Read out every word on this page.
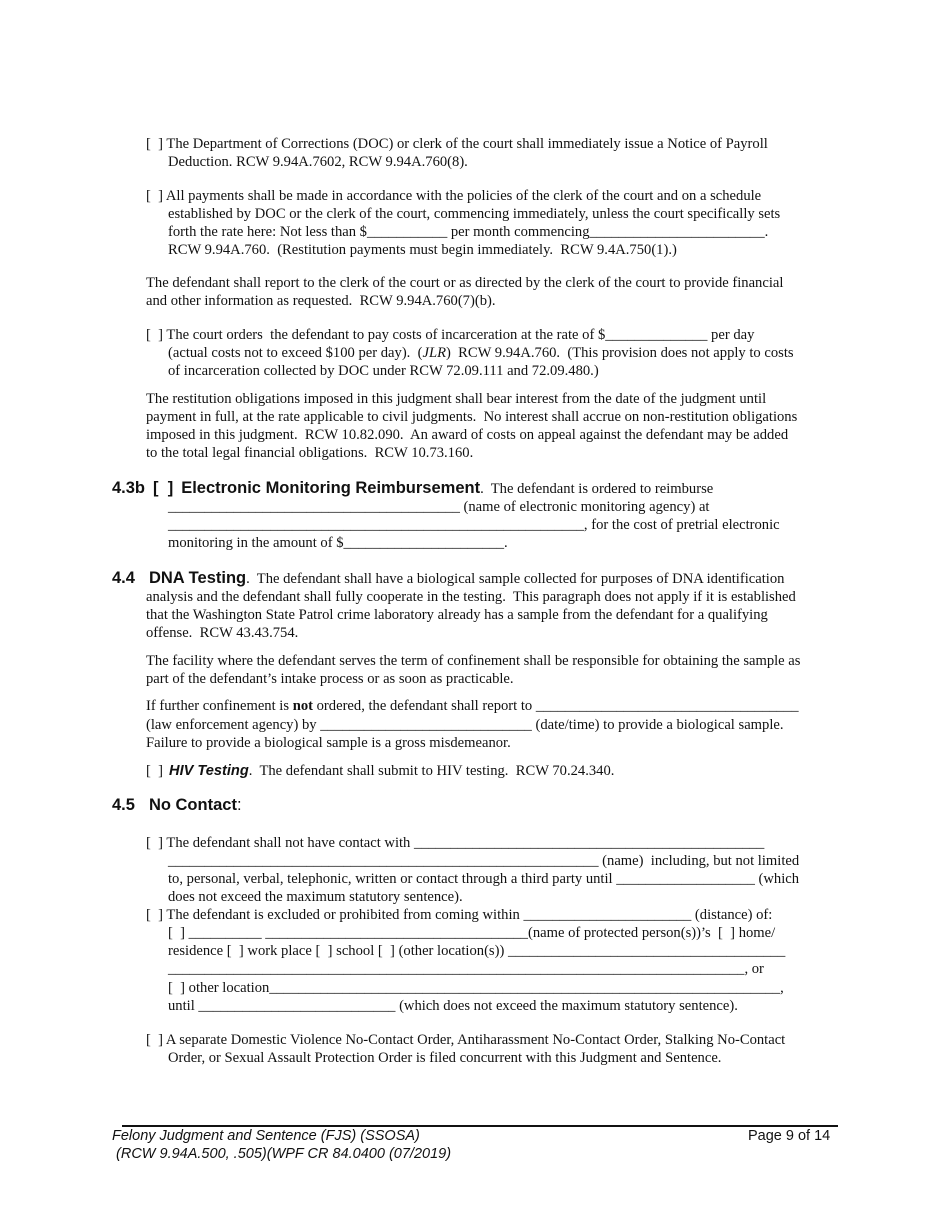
[  ] The Department of Corrections (DOC) or clerk of the court shall immediately issue a Notice of Payroll
Deduction. RCW 9.94A.7602, RCW 9.94A.760(8).
[  ] All payments shall be made in accordance with the policies of the clerk of the court and on a schedule
established by DOC or the clerk of the court, commencing immediately, unless the court specifically sets
forth the rate here: Not less than $___________ per month commencing________________________.
RCW 9.94A.760.  (Restitution payments must begin immediately.  RCW 9.4A.750(1).)
The defendant shall report to the clerk of the court or as directed by the clerk of the court to provide financial
and other information as requested.  RCW 9.94A.760(7)(b).
[  ] The court orders  the defendant to pay costs of incarceration at the rate of $______________ per day
(actual costs not to exceed $100 per day).  (JLR)  RCW 9.94A.760.  (This provision does not apply to costs
of incarceration collected by DOC under RCW 72.09.111 and 72.09.480.)
The restitution obligations imposed in this judgment shall bear interest from the date of the judgment until
payment in full, at the rate applicable to civil judgments.  No interest shall accrue on non-restitution obligations
imposed in this judgment.  RCW 10.82.090.  An award of costs on appeal against the defendant may be added
to the total legal financial obligations.  RCW 10.73.160.
4.3b [  ] Electronic Monitoring Reimbursement.  The defendant is ordered to reimburse
________________________________________ (name of electronic monitoring agency) at
_________________________________________________________, for the cost of pretrial electronic
monitoring in the amount of $______________________.
4.4 DNA Testing.  The defendant shall have a biological sample collected for purposes of DNA identification
analysis and the defendant shall fully cooperate in the testing.  This paragraph does not apply if it is established
that the Washington State Patrol crime laboratory already has a sample from the defendant for a qualifying
offense.  RCW 43.43.754.
The facility where the defendant serves the term of confinement shall be responsible for obtaining the sample as
part of the defendant’s intake process or as soon as practicable.
If further confinement is not ordered, the defendant shall report to ____________________________________
(law enforcement agency) by _____________________________ (date/time) to provide a biological sample.
Failure to provide a biological sample is a gross misdemeanor.
[  ] HIV Testing.  The defendant shall submit to HIV testing.  RCW 70.24.340.
4.5 No Contact:
[  ] The defendant shall not have contact with ________________________________________________
___________________________________________________________ (name)  including, but not limited
to, personal, verbal, telephonic, written or contact through a third party until ___________________ (which
does not exceed the maximum statutory sentence).
[  ] The defendant is excluded or prohibited from coming within _______________________ (distance) of:
[  ] __________ ____________________________________(name of protected person(s))’s  [  ] home/
residence [  ] work place [  ] school [  ] (other location(s)) ______________________________________
_______________________________________________________________________________, or
[  ] other location______________________________________________________________________,
until ___________________________ (which does not exceed the maximum statutory sentence).
[  ] A separate Domestic Violence No-Contact Order, Antiharassment No-Contact Order, Stalking No-Contact
Order, or Sexual Assault Protection Order is filed concurrent with this Judgment and Sentence.
Felony Judgment and Sentence (FJS) (SSOSA)
(RCW 9.94A.500, .505)(WPF CR 84.0400 (07/2019)
Page 9 of 14
